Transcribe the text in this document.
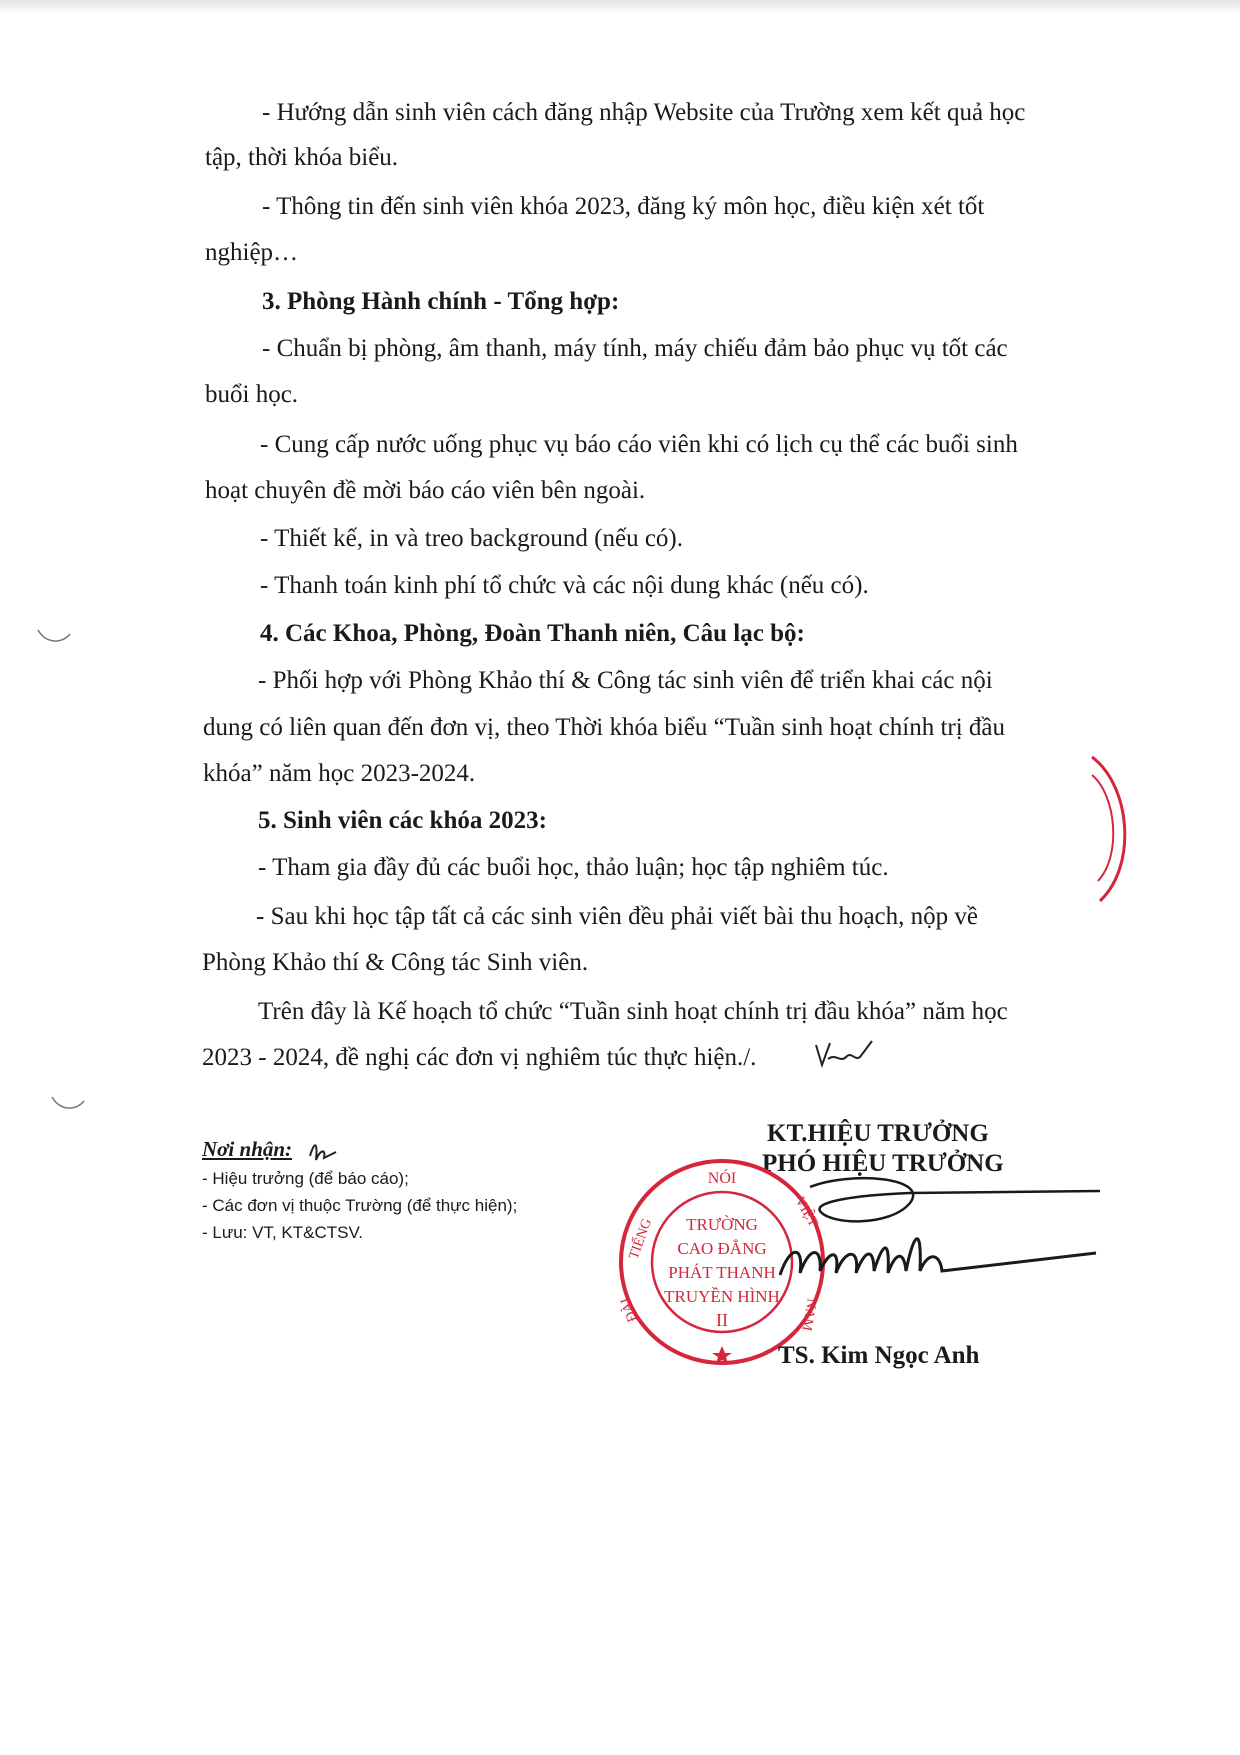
- Hướng dẫn sinh viên cách đăng nhập Website của Trường xem kết quả học
tập, thời khóa biểu.
- Thông tin đến sinh viên khóa 2023, đăng ký môn học, điều kiện xét tốt
nghiệp…
3. Phòng Hành chính - Tổng hợp:
- Chuẩn bị phòng, âm thanh, máy tính, máy chiếu đảm bảo phục vụ tốt các
buổi học.
- Cung cấp nước uống phục vụ báo cáo viên khi có lịch cụ thể các buổi sinh
hoạt chuyên đề mời báo cáo viên bên ngoài.
- Thiết kế, in và treo background (nếu có).
- Thanh toán kinh phí tổ chức và các nội dung khác (nếu có).
4. Các Khoa, Phòng, Đoàn Thanh niên, Câu lạc bộ:
- Phối hợp với Phòng Khảo thí & Công tác sinh viên để triển khai các nội
dung có liên quan đến đơn vị, theo Thời khóa biểu “Tuần sinh hoạt chính trị đầu
khóa” năm học 2023-2024.
5. Sinh viên các khóa 2023:
- Tham gia đầy đủ các buổi học, thảo luận; học tập nghiêm túc.
- Sau khi học tập tất cả các sinh viên đều phải viết bài thu hoạch, nộp về
Phòng Khảo thí & Công tác Sinh viên.
Trên đây là Kế hoạch tổ chức “Tuần sinh hoạt chính trị đầu khóa” năm học
2023 - 2024, đề nghị các đơn vị nghiêm túc thực hiện./.
Nơi nhận:
- Hiệu trưởng (để báo cáo);
- Các đơn vị thuộc Trường (để thực hiện);
- Lưu: VT, KT&CTSV.
KT.HIỆU TRƯỞNG
PHÓ HIỆU TRƯỞNG
NÓI
TIẾNG
VIỆT
NAM
ĐÀI
TRƯỜNG
CAO ĐẲNG
PHÁT THANH
TRUYỀN HÌNH
II
TS. Kim Ngọc Anh
